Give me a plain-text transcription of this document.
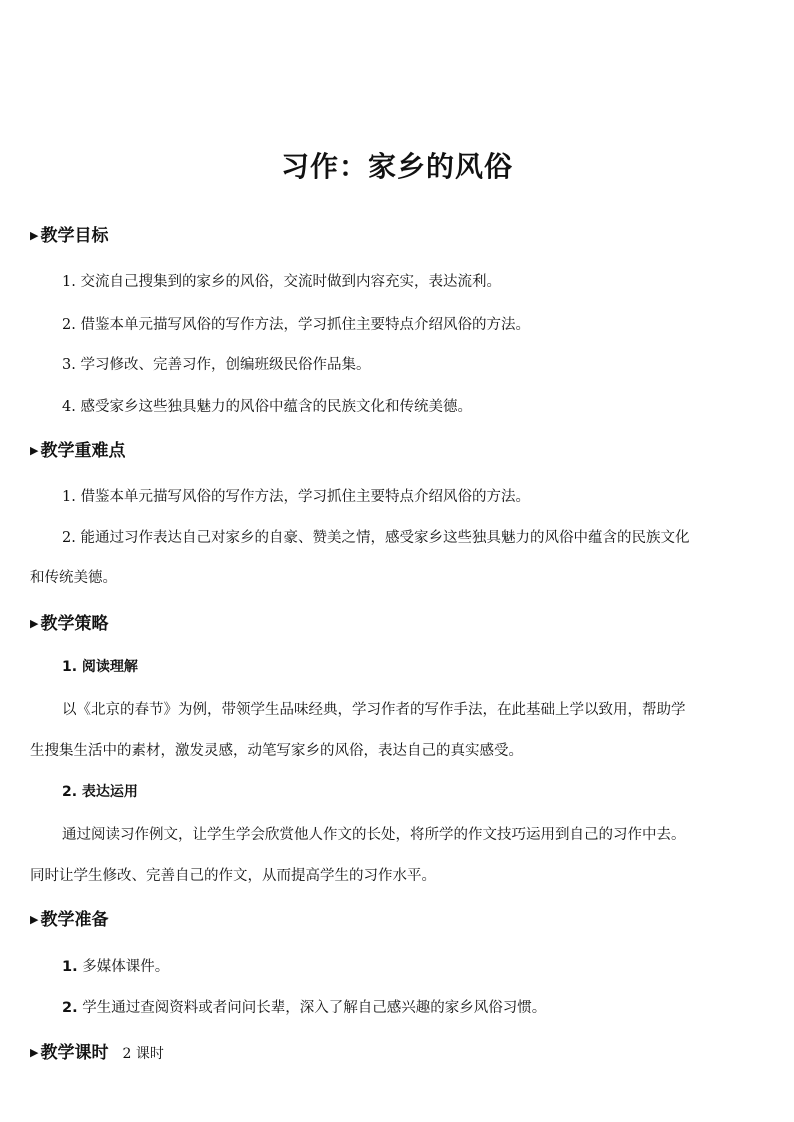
习作：家乡的风俗
▶ 教学目标
1. 交流自己搜集到的家乡的风俗，交流时做到内容充实，表达流利。
2. 借鉴本单元描写风俗的写作方法，学习抓住主要特点介绍风俗的方法。
3. 学习修改、完善习作，创编班级民俗作品集。
4. 感受家乡这些独具魅力的风俗中蕴含的民族文化和传统美德。
▶ 教学重难点
1. 借鉴本单元描写风俗的写作方法，学习抓住主要特点介绍风俗的方法。
2. 能通过习作表达自己对家乡的自豪、赞美之情，感受家乡这些独具魅力的风俗中蕴含的民族文化
和传统美德。
▶ 教学策略
1. 阅读理解
以《北京的春节》为例，带领学生品味经典，学习作者的写作手法，在此基础上学以致用，帮助学
生搜集生活中的素材，激发灵感，动笔写家乡的风俗，表达自己的真实感受。
2. 表达运用
通过阅读习作例文，让学生学会欣赏他人作文的长处，将所学的作文技巧运用到自己的习作中去。
同时让学生修改、完善自己的作文，从而提高学生的习作水平。
▶ 教学准备
1. 多媒体课件。
2. 学生通过查阅资料或者问问长辈，深入了解自己感兴趣的家乡风俗习惯。
▶ 教学课时 2 课时
